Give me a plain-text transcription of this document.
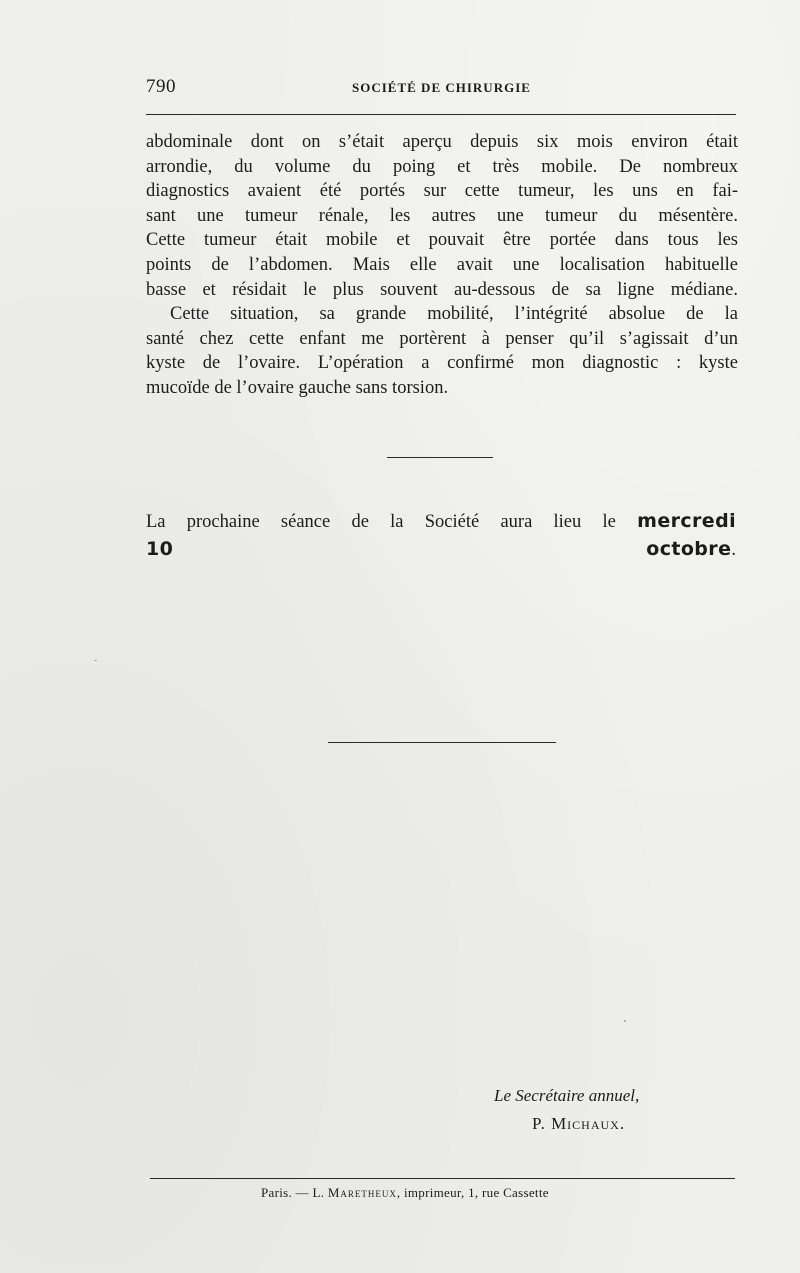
790	SOCIÉTÉ DE CHIRURGIE
abdominale dont on s’était aperçu depuis six mois environ était
arrondie, du volume du poing et très mobile. De nombreux
diagnostics avaient été portés sur cette tumeur, les uns en fai-
sant une tumeur rénale, les autres une tumeur du mésentère.
Cette tumeur était mobile et pouvait être portée dans tous les
points de l’abdomen. Mais elle avait une localisation habituelle
basse et résidait le plus souvent au-dessous de sa ligne médiane.
Cette situation, sa grande mobilité, l’intégrité absolue de la
santé chez cette enfant me portèrent à penser qu’il s’agissait d’un
kyste de l’ovaire. L’opération a confirmé mon diagnostic : kyste
mucoïde de l’ovaire gauche sans torsion.
La prochaine séance de la Société aura lieu le mercredi
10 octobre.
Le Secrétaire annuel,
P. Michaux.
Paris. — L. Maretheux, imprimeur, 1, rue Cassette
